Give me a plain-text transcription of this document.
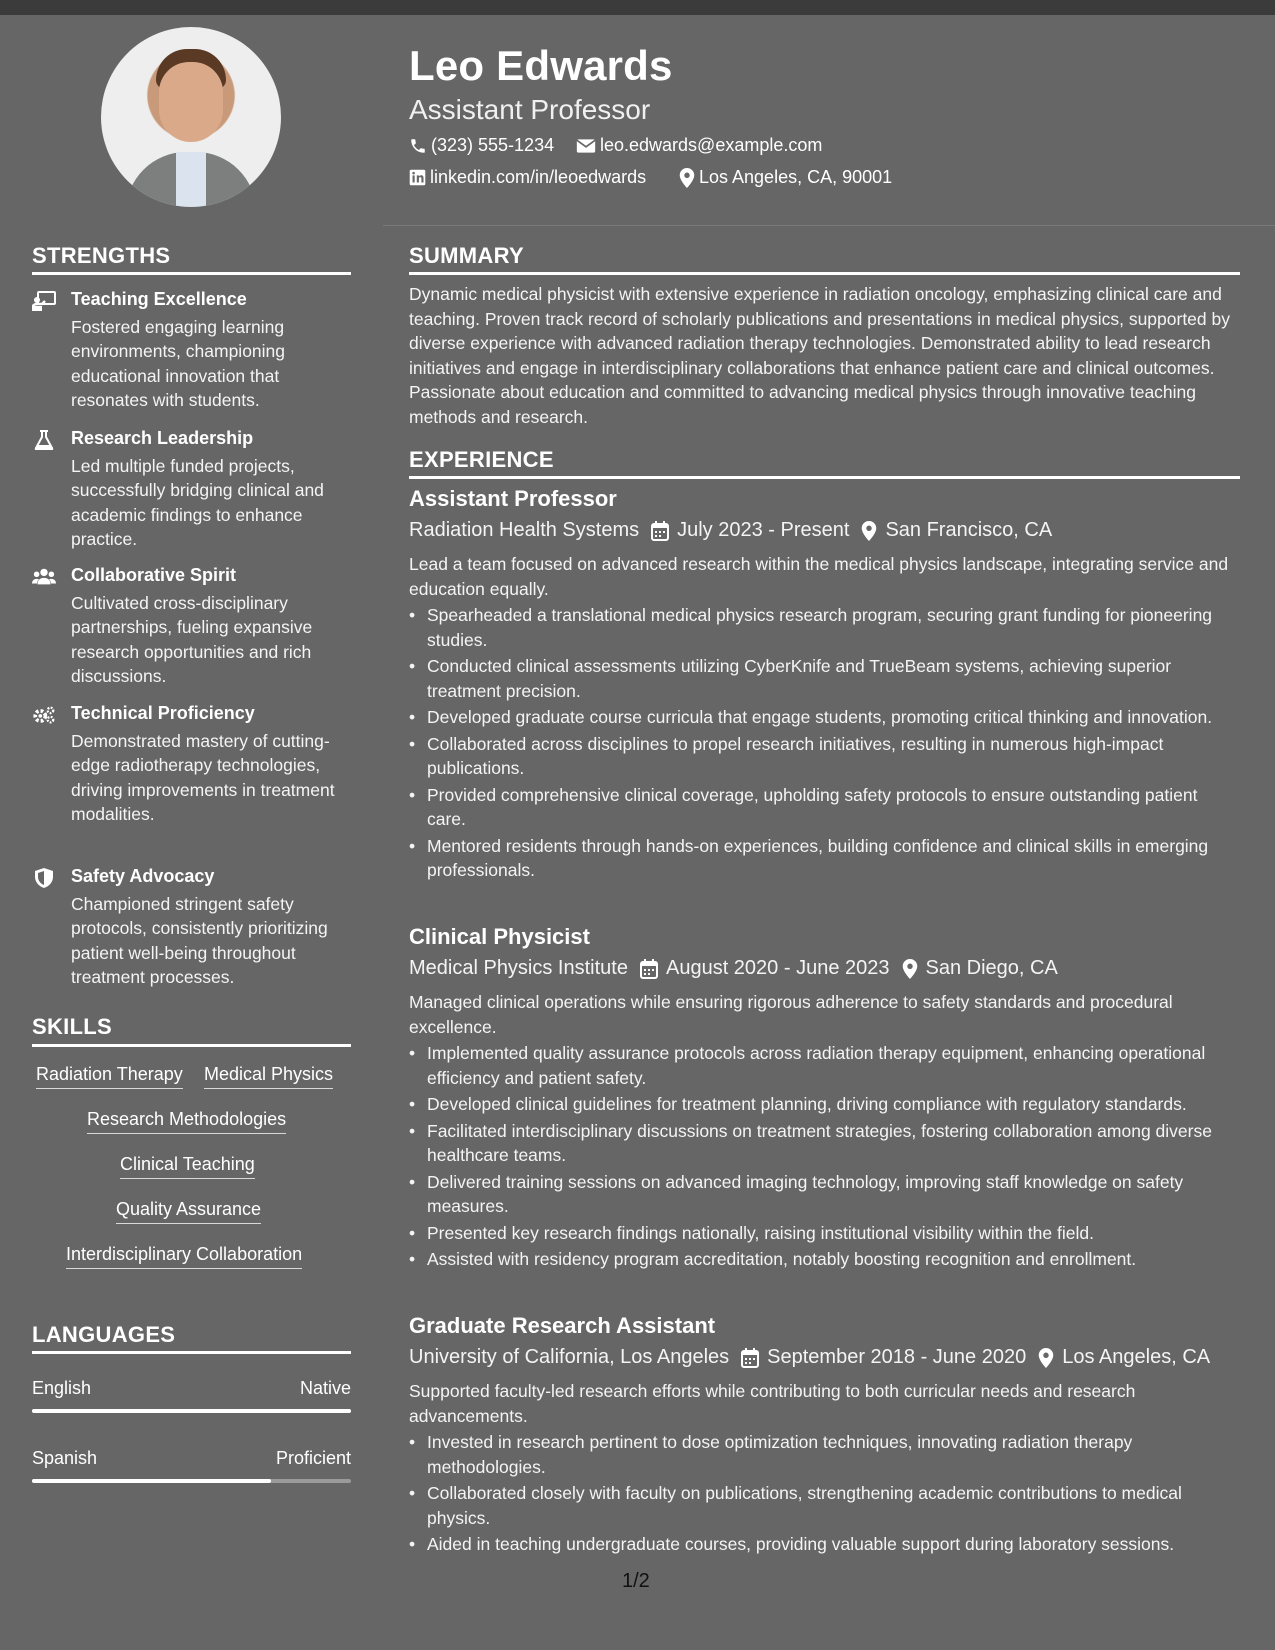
Leo Edwards
Assistant Professor
(323) 555-1234	leo.edwards@example.com
linkedin.com/in/leoedwards	Los Angeles, CA, 90001
STRENGTHS
Teaching Excellence
Fostered engaging learning environments, championing educational innovation that resonates with students.
Research Leadership
Led multiple funded projects, successfully bridging clinical and academic findings to enhance practice.
Collaborative Spirit
Cultivated cross-disciplinary partnerships, fueling expansive research opportunities and rich discussions.
Technical Proficiency
Demonstrated mastery of cutting-edge radiotherapy technologies, driving improvements in treatment modalities.
Safety Advocacy
Championed stringent safety protocols, consistently prioritizing patient well-being throughout treatment processes.
SKILLS
Radiation Therapy Medical Physics
Research Methodologies
Clinical Teaching
Quality Assurance
Interdisciplinary Collaboration
LANGUAGES
English	Native
Spanish	Proficient
SUMMARY
Dynamic medical physicist with extensive experience in radiation oncology, emphasizing clinical care and teaching. Proven track record of scholarly publications and presentations in medical physics, supported by diverse experience with advanced radiation therapy technologies. Demonstrated ability to lead research initiatives and engage in interdisciplinary collaborations that enhance patient care and clinical outcomes. Passionate about education and committed to advancing medical physics through innovative teaching methods and research.
EXPERIENCE
Assistant Professor
Radiation Health Systems July 2023 - Present San Francisco, CA
Lead a team focused on advanced research within the medical physics landscape, integrating service and education equally.
• Spearheaded a translational medical physics research program, securing grant funding for pioneering studies.
• Conducted clinical assessments utilizing CyberKnife and TrueBeam systems, achieving superior treatment precision.
• Developed graduate course curricula that engage students, promoting critical thinking and innovation.
• Collaborated across disciplines to propel research initiatives, resulting in numerous high-impact publications.
• Provided comprehensive clinical coverage, upholding safety protocols to ensure outstanding patient care.
• Mentored residents through hands-on experiences, building confidence and clinical skills in emerging professionals.
Clinical Physicist
Medical Physics Institute August 2020 - June 2023 San Diego, CA
Managed clinical operations while ensuring rigorous adherence to safety standards and procedural excellence.
• Implemented quality assurance protocols across radiation therapy equipment, enhancing operational efficiency and patient safety.
• Developed clinical guidelines for treatment planning, driving compliance with regulatory standards.
• Facilitated interdisciplinary discussions on treatment strategies, fostering collaboration among diverse healthcare teams.
• Delivered training sessions on advanced imaging technology, improving staff knowledge on safety measures.
• Presented key research findings nationally, raising institutional visibility within the field.
• Assisted with residency program accreditation, notably boosting recognition and enrollment.
Graduate Research Assistant
University of California, Los Angeles September 2018 - June 2020 Los Angeles, CA
Supported faculty-led research efforts while contributing to both curricular needs and research advancements.
• Invested in research pertinent to dose optimization techniques, innovating radiation therapy methodologies.
• Collaborated closely with faculty on publications, strengthening academic contributions to medical physics.
• Aided in teaching undergraduate courses, providing valuable support during laboratory sessions.
1/2
